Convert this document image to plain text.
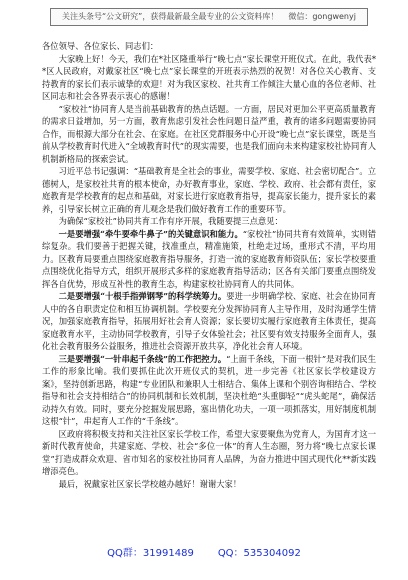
关注头条号“公文研究”，获得最新最全最专业的公文资料库！ 微信：gongwenyj

各位领导、各位家长、同志们：

大家晚上好！今天，我们在*社区隆重举行“晚七点”家长课堂开班仪式。在此，我代表**区人民政府，对戴家社区“晚七点”家长课堂的开班表示热烈的祝贺！对各位关心教育、支持教育的家长们表示诚挚的欢迎！对为我区家校、社共育工作倾注大量心血的各位老师、社区同志和社会各界表示衷心的感谢！

“家校社”协同育人是当前基础教育的热点话题。一方面，居民对更加公平更高质量教育的需求日益增加，另一方面，教育焦虑引发社会性问题日益严重，教育的诸多问题需要协同合作，而根源大部分在社会、在家庭。在社区党群服务中心开设“晚七点”家长课堂，既是当前从学校教育时代进入“全域教育时代”的现实需要，也是我们面向未来构建家校社协同育人机制新格局的探索尝试。

习近平总书记强调：“基础教育是全社会的事业，需要学校、家庭、社会密切配合”。立德树人，是家校社共育的根本使命，办好教育事业，家庭、学校、政府、社会都有责任，家庭教育是学校教育的起点和基础，对家长进行家庭教育指导，提高家长能力，提升家长的素养，引导家长树立正确的育儿观念是我们做好教育工作的重要环节。

为确保“家校社”协同共育工作有序开展，我随要提三点意见：

一是要增强“牵牛要牵牛鼻子”的关键意识和能力。“家校社”协同共育有效简单，实则错综复杂。我们要善于把握关键，找准重点，精准施策，杜绝走过场，重形式不清，平均用力。区教育局要重点围绕家庭教育指导服务，打造一流的家庭教育师资队伍；家长学校要重点围绕优化指导方式，组织开展形式多样的家庭教育指导活动；区各有关部门要重点围绕发挥各自优势，形成互补性的教育生态，构建家校社协同育人的共同体。

二是要增强“十根手指弹钢琴”的科学统筹力。要进一步明确学校、家庭、社会在协同育人中的各自职责定位和相互协调机制。学校要充分发挥协同育人主导作用，及时沟通学生情况，加强家庭教育指导，拓展用好社会育人资源；家长要切实履行家庭教育主体责任，提高家庭教育水平，主动协同学校教育，引导子女体验社会；社区要有效支持服务全面育人，强化社会教育服务公益服务，推进社会资源开放共享，净化社会育人环境。

三是要增强“一针串起千条线”的工作把控力。“上面千条线，下面一根针”是对我们民生工作的形象比喻。我们要抓住此次开班仪式的契机，进一步完善《社区家长学校建设方案》，坚持创新思路，构建“专业团队和兼职人士相结合、集体上课和个别咨询相结合、学校指导和社会支持相结合”的协同机制和长效机制，坚决杜绝“头重脚轻”“虎头蛇尾”，确保活动持久有效。同时，要充分挖掘发展思路，塞出情化功夫，一项一项抓落实，用好制度机制这根“针”，串起育人工作的“千条线”。

区政府将积极支持和关注社区家长学校工作，希望大家要聚焦为党育人，为国育才这一新时代教育使命，共建家庭、学校、社会“多位一体”的育人生态圈，努力将“晚七点家长课堂”打造成群众欢迎、省市知名的家校社协同育人品牌，为奋力推进中国式现代化**新实践增添亮色。

最后，祝戴家社区家长学校越办越好！谢谢大家！

QQ群：31991489 QQ：535304092
